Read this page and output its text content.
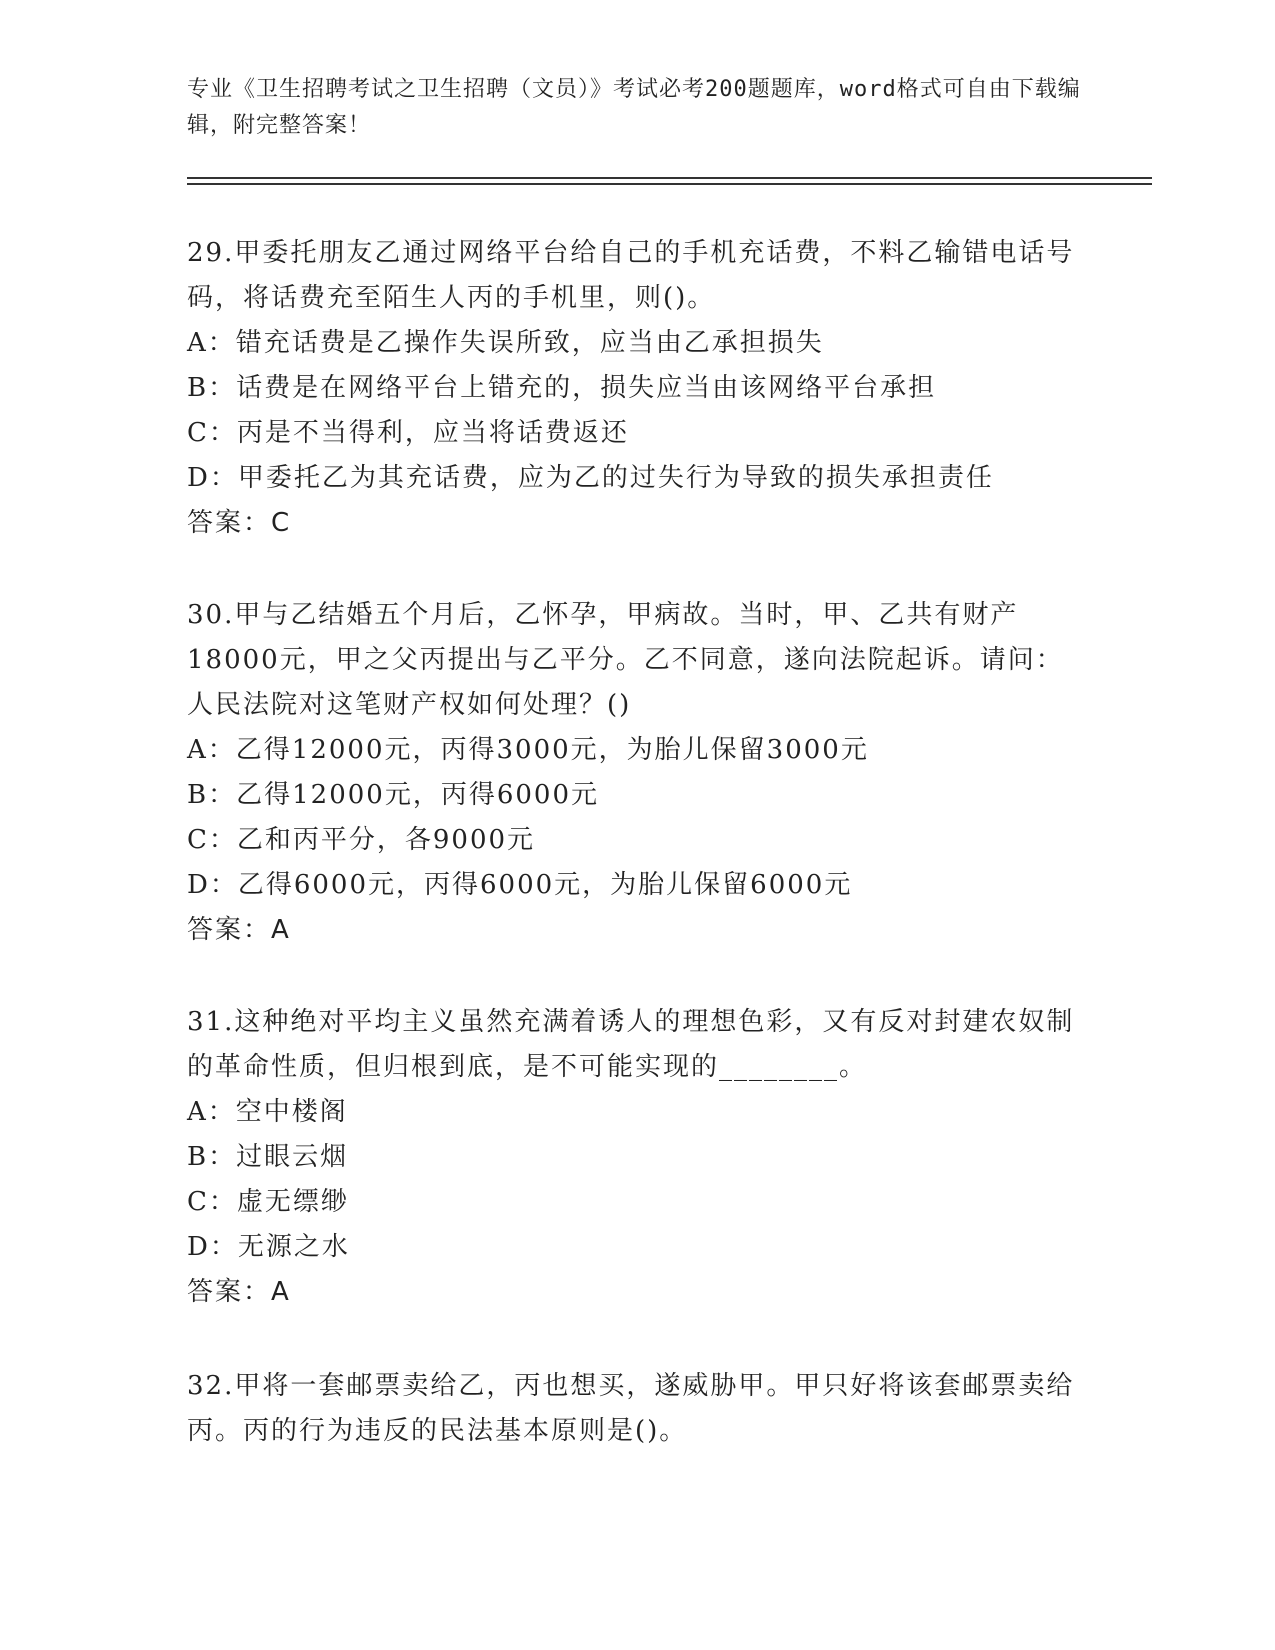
专业《卫生招聘考试之卫生招聘（文员）》考试必考200题题库，word格式可自由下载编辑，附完整答案！

29.甲委托朋友乙通过网络平台给自己的手机充话费，不料乙输错电话号码，将话费充至陌生人丙的手机里，则()。

A：错充话费是乙操作失误所致，应当由乙承担损失

B：话费是在网络平台上错充的，损失应当由该网络平台承担

C：丙是不当得利，应当将话费返还

D：甲委托乙为其充话费，应为乙的过失行为导致的损失承担责任

答案：C

30.甲与乙结婚五个月后，乙怀孕，甲病故。当时，甲、乙共有财产18000元，甲之父丙提出与乙平分。乙不同意，遂向法院起诉。请问：人民法院对这笔财产权如何处理？()

A：乙得12000元，丙得3000元，为胎儿保留3000元

B：乙得12000元，丙得6000元

C：乙和丙平分，各9000元

D：乙得6000元，丙得6000元，为胎儿保留6000元

答案：A

31.这种绝对平均主义虽然充满着诱人的理想色彩，又有反对封建农奴制的革命性质，但归根到底，是不可能实现的________。

A：空中楼阁

B：过眼云烟

C：虚无缥缈

D：无源之水

答案：A

32.甲将一套邮票卖给乙，丙也想买，遂威胁甲。甲只好将该套邮票卖给丙。丙的行为违反的民法基本原则是()。
